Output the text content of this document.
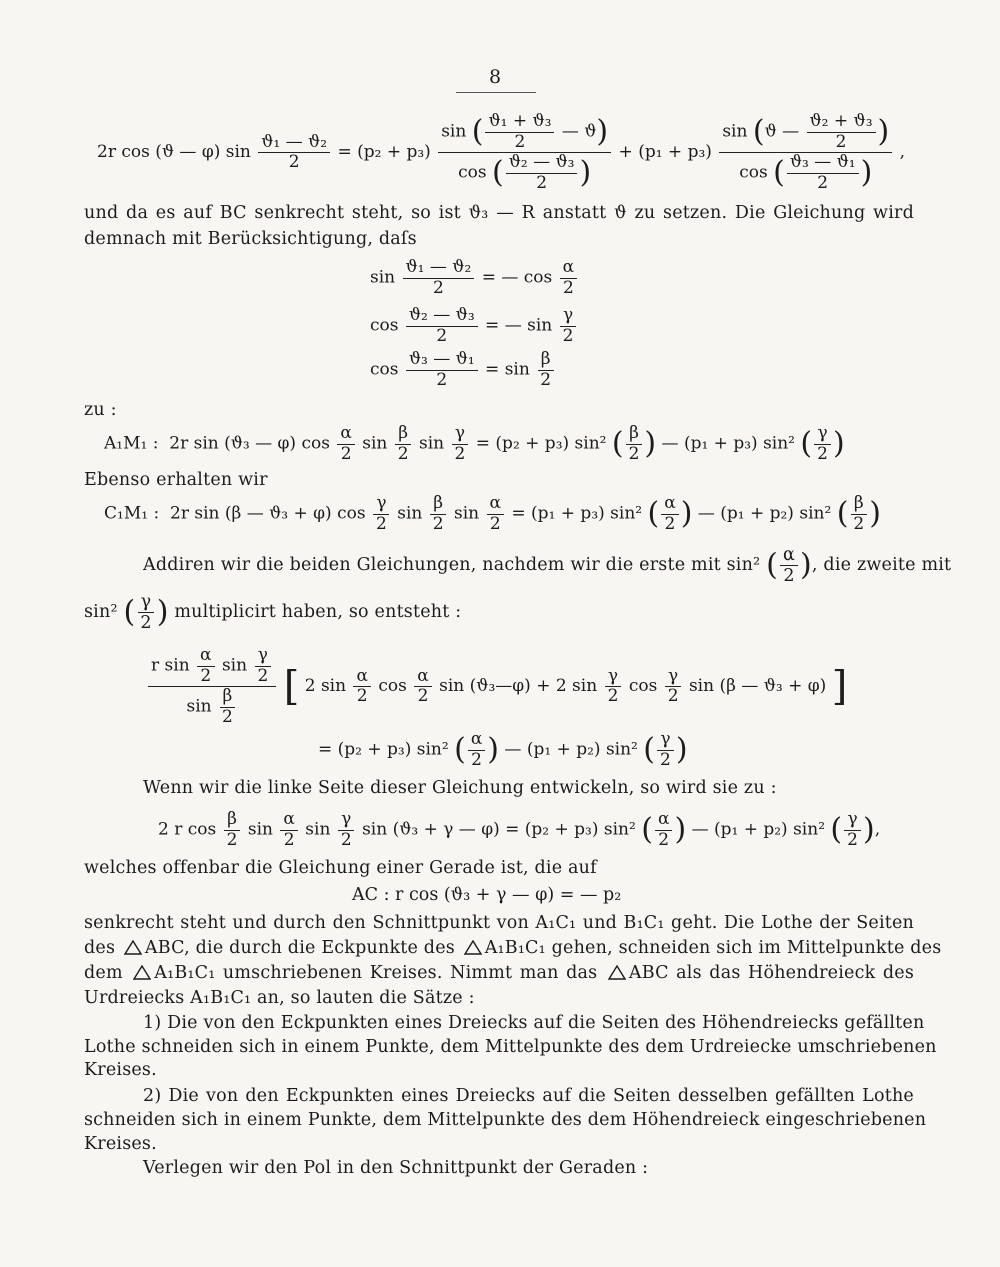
8
2r cos (ϑ — φ) $\sin \frac{\text{ϑ₁ — ϑ₂}}{2} = (p_2 + p_3) \frac{\sin ( \frac{\text{ϑ₁ + ϑ₃}}{2} — ϑ)}{\cos ( \frac{\text{ϑ₂ — ϑ₃}}{2} )} + (p_1 + p_3) \frac{\sin (ϑ — \frac{\text{ϑ₂ + ϑ₃}}{2} )}{\cos ( \frac{\text{ϑ₃ — ϑ₁}}{2} )}$ ,
und da es auf BC senkrecht steht, so ist ϑ₃ — R anstatt ϑ zu setzen. Die Gleichung wird
demnach mit Berücksichtigung, daſs
$\sin \frac{\text{ϑ₁ — ϑ₂}}{2}$ = — $\cos \frac{\alpha}{2}$
$\cos \frac{\text{ϑ₂ — ϑ₃}}{2}$ = — $\sin \frac{\gamma}{2}$
$\cos \frac{\text{ϑ₃ — ϑ₁}}{2} = \sin \frac{\beta}{2}$
zu :
A₁M₁ : 2r sin (ϑ₃ — φ) $\cos \frac{\alpha}{2}$ $\sin \frac{\beta}{2}$ $\sin \frac{\gamma}{2} = (p_2 + p_3)$ sin² ( $\frac{\beta}{2}$ ) — (p₁ + p₃) sin² ( $\frac{\gamma}{2}$ )
Ebenso erhalten wir
C₁M₁ : 2r sin (β — ϑ₃ + φ) $\cos \frac{\gamma}{2}$ $\sin \frac{\beta}{2}$ $\sin \frac{\alpha}{2} = (p_1 + p_3)$ sin² ( $\frac{\alpha}{2}$ ) — (p₁ + p₂) sin² ( $\frac{\beta}{2}$ )
Addiren wir die beiden Gleichungen, nachdem wir die erste mit sin² ( $\frac{\alpha}{2}$ ), die zweite mit
sin² ( $\frac{\gamma}{2}$ ) multiplicirt haben, so entsteht :
$\frac{r \sin \frac{\alpha}{2} \sin \frac{\gamma}{2}}{\sin \frac{\beta}{2}}$ [ 2 $\sin \frac{\alpha}{2}$ $\cos \frac{\alpha}{2}$ sin (ϑ₃—φ) + 2 $\sin \frac{\gamma}{2}$ $\cos \frac{\gamma}{2}$ sin (β — ϑ₃ + φ) ]
= (p₂ + p₃) sin² ( $\frac{\alpha}{2}$ ) — (p₁ + p₂) sin² ( $\frac{\gamma}{2}$ )
Wenn wir die linke Seite dieser Gleichung entwickeln, so wird sie zu :
2 r $\cos \frac{\beta}{2}$ $\sin \frac{\alpha}{2}$ $\sin \frac{\gamma}{2}$ sin (ϑ₃ + γ — φ) = (p₂ + p₃) sin² ( $\frac{\alpha}{2}$ ) — (p₁ + p₂) sin² ( $\frac{\gamma}{2}$ ),
welches offenbar die Gleichung einer Gerade ist, die auf
AC : r cos (ϑ₃ + γ — φ) = — p₂
senkrecht steht und durch den Schnittpunkt von A₁C₁ und B₁C₁ geht. Die Lothe der Seiten
des ABC, die durch die Eckpunkte des A₁B₁C₁ gehen, schneiden sich im Mittelpunkte des
dem A₁B₁C₁ umschriebenen Kreises. Nimmt man das ABC als das Höhendreieck des
Urdreiecks A₁B₁C₁ an, so lauten die Sätze :
1) Die von den Eckpunkten eines Dreiecks auf die Seiten des Höhendreiecks gefällten
Lothe schneiden sich in einem Punkte, dem Mittelpunkte des dem Urdreiecke umschriebenen
Kreises.
2) Die von den Eckpunkten eines Dreiecks auf die Seiten desselben gefällten Lothe
schneiden sich in einem Punkte, dem Mittelpunkte des dem Höhendreieck eingeschriebenen
Kreises.
Verlegen wir den Pol in den Schnittpunkt der Geraden :
